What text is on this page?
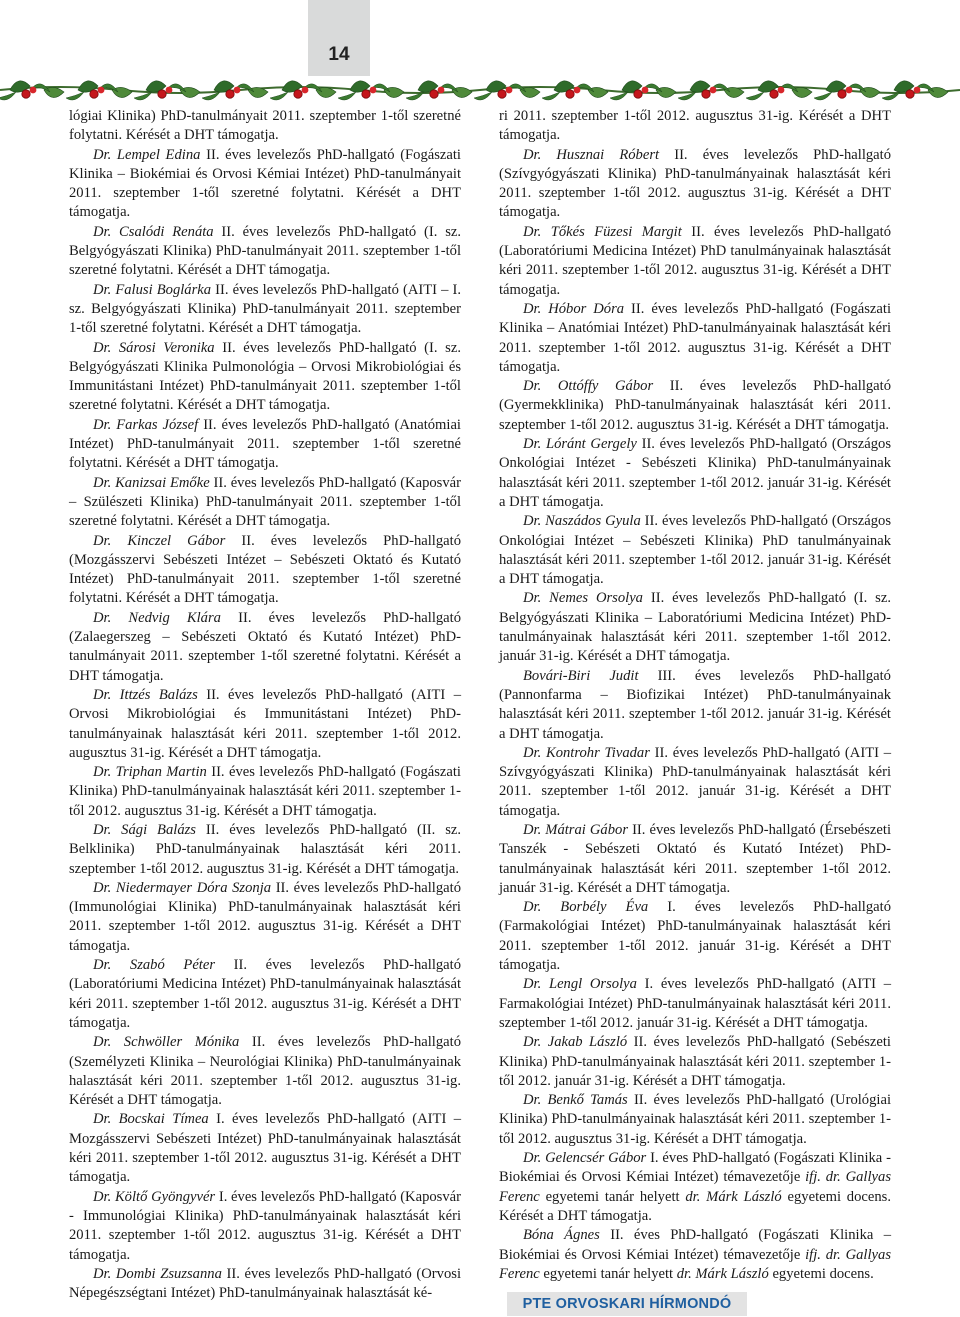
14

lógiai Klinika) PhD-tanulmányait 2011. szeptember 1-től szeretné folytatni. Kérését a DHT támogatja.

Dr. Lempel Edina II. éves levelezős PhD-hallgató (Fogászati Klinika – Biokémiai és Orvosi Kémiai Intézet) PhD-tanulmányait 2011. szeptember 1-től szeretné folytatni. Kérését a DHT támogatja.

Dr. Csalódi Renáta II. éves levelezős PhD-hallgató (I. sz. Belgyógyászati Klinika) PhD-tanulmányait 2011. szeptember 1-től szeretné folytatni. Kérését a DHT támogatja.

Dr. Falusi Boglárka II. éves levelezős PhD-hallgató (AITI – I. sz. Belgyógyászati Klinika) PhD-tanulmányait 2011. szeptember 1-től szeretné folytatni. Kérését a DHT támogatja.

Dr. Sárosi Veronika II. éves levelezős PhD-hallgató (I. sz. Belgyógyászati Klinika Pulmonológia – Orvosi Mikrobiológiai és Immunitástani Intézet) PhD-tanulmányait 2011. szeptember 1-től szeretné folytatni. Kérését a DHT támogatja.

Dr. Farkas József II. éves levelezős PhD-hallgató (Anatómiai Intézet) PhD-tanulmányait 2011. szeptember 1-től szeretné folytatni. Kérését a DHT támogatja.

Dr. Kanizsai Emőke II. éves levelezős PhD-hallgató (Kaposvár – Szülészeti Klinika) PhD-tanulmányait 2011. szeptember 1-től szeretné folytatni. Kérését a DHT támogatja.

Dr. Kinczel Gábor II. éves levelezős PhD-hallgató (Mozgásszervi Sebészeti Intézet – Sebészeti Oktató és Kutató Intézet) PhD-tanulmányait 2011. szeptember 1-től szeretné folytatni. Kérését a DHT támogatja.

Dr. Nedvig Klára II. éves levelezős PhD-hallgató (Zalaegerszeg – Sebészeti Oktató és Kutató Intézet) PhD-tanulmányait 2011. szeptember 1-től szeretné folytatni. Kérését a DHT támogatja.

Dr. Ittzés Balázs II. éves levelezős PhD-hallgató (AITI – Orvosi Mikrobiológiai és Immunitástani Intézet) PhD-tanulmányainak halasztását kéri 2011. szeptember 1-től 2012. augusztus 31-ig. Kérését a DHT támogatja.

Dr. Triphan Martin II. éves levelezős PhD-hallgató (Fogászati Klinika) PhD-tanulmányainak halasztását kéri 2011. szeptember 1-től 2012. augusztus 31-ig. Kérését a DHT támogatja.

Dr. Sági Balázs II. éves levelezős PhD-hallgató (II. sz. Belklinika) PhD-tanulmányainak halasztását kéri 2011. szeptember 1-től 2012. augusztus 31-ig. Kérését a DHT támogatja.

Dr. Niedermayer Dóra Szonja II. éves levelezős PhD-hallgató (Immunológiai Klinika) PhD-tanulmányainak halasztását kéri 2011. szeptember 1-től 2012. augusztus 31-ig. Kérését a DHT támogatja.

Dr. Szabó Péter II. éves levelezős PhD-hallgató (Laboratóriumi Medicina Intézet) PhD-tanulmányainak halasztását kéri 2011. szeptember 1-től 2012. augusztus 31-ig. Kérését a DHT támogatja.

Dr. Schwöller Mónika II. éves levelezős PhD-hallgató (Személyzeti Klinika – Neurológiai Klinika) PhD-tanulmányainak halasztását kéri 2011. szeptember 1-től 2012. augusztus 31-ig. Kérését a DHT támogatja.

Dr. Bocskai Tímea I. éves levelezős PhD-hallgató (AITI – Mozgásszervi Sebészeti Intézet) PhD-tanulmányainak halasztását kéri 2011. szeptember 1-től 2012. augusztus 31-ig. Kérését a DHT támogatja.

Dr. Költő Gyöngyvér I. éves levelezős PhD-hallgató (Kaposvár - Immunológiai Klinika) PhD-tanulmányainak halasztását kéri 2011. szeptember 1-től 2012. augusztus 31-ig. Kérését a DHT támogatja.

Dr. Dombi Zsuzsanna II. éves levelezős PhD-hallgató (Orvosi Népegészségtani Intézet) PhD-tanulmányainak halasztását ké-

ri 2011. szeptember 1-től 2012. augusztus 31-ig. Kérését a DHT támogatja.

Dr. Husznai Róbert II. éves levelezős PhD-hallgató (Szívgyógyászati Klinika) PhD-tanulmányainak halasztását kéri 2011. szeptember 1-től 2012. augusztus 31-ig. Kérését a DHT támogatja.

Dr. Tőkés Füzesi Margit II. éves levelezős PhD-hallgató (Laboratóriumi Medicina Intézet) PhD tanulmányainak halasztását kéri 2011. szeptember 1-től 2012. augusztus 31-ig. Kérését a DHT támogatja.

Dr. Hóbor Dóra II. éves levelezős PhD-hallgató (Fogászati Klinika – Anatómiai Intézet) PhD-tanulmányainak halasztását kéri 2011. szeptember 1-től 2012. augusztus 31-ig. Kérését a DHT támogatja.

Dr. Ottóffy Gábor II. éves levelezős PhD-hallgató (Gyermekklinika) PhD-tanulmányainak halasztását kéri 2011. szeptember 1-től 2012. augusztus 31-ig. Kérését a DHT támogatja.

Dr. Lóránt Gergely II. éves levelezős PhD-hallgató (Országos Onkológiai Intézet - Sebészeti Klinika) PhD-tanulmányainak halasztását kéri 2011. szeptember 1-től 2012. január 31-ig. Kérését a DHT támogatja.

Dr. Naszádos Gyula II. éves levelezős PhD-hallgató (Országos Onkológiai Intézet – Sebészeti Klinika) PhD tanulmányainak halasztását kéri 2011. szeptember 1-től 2012. január 31-ig. Kérését a DHT támogatja.

Dr. Nemes Orsolya II. éves levelezős PhD-hallgató (I. sz. Belgyógyászati Klinika – Laboratóriumi Medicina Intézet) PhD-tanulmányainak halasztását kéri 2011. szeptember 1-től 2012. január 31-ig. Kérését a DHT támogatja.

Bovári-Biri Judit III. éves levelezős PhD-hallgató (Pannonfarma – Biofizikai Intézet) PhD-tanulmányainak halasztását kéri 2011. szeptember 1-től 2012. január 31-ig. Kérését a DHT támogatja.

Dr. Kontrohr Tivadar II. éves levelezős PhD-hallgató (AITI – Szívgyógyászati Klinika) PhD-tanulmányainak halasztását kéri 2011. szeptember 1-től 2012. január 31-ig. Kérését a DHT támogatja.

Dr. Mátrai Gábor II. éves levelezős PhD-hallgató (Érsebészeti Tanszék - Sebészeti Oktató és Kutató Intézet) PhD-tanulmányainak halasztását kéri 2011. szeptember 1-től 2012. január 31-ig. Kérését a DHT támogatja.

Dr. Borbély Éva I. éves levelezős PhD-hallgató (Farmakológiai Intézet) PhD-tanulmányainak halasztását kéri 2011. szeptember 1-től 2012. január 31-ig. Kérését a DHT támogatja.

Dr. Lengl Orsolya I. éves levelezős PhD-hallgató (AITI – Farmakológiai Intézet) PhD-tanulmányainak halasztását kéri 2011. szeptember 1-től 2012. január 31-ig. Kérését a DHT támogatja.

Dr. Jakab László II. éves levelezős PhD-hallgató (Sebészeti Klinika) PhD-tanulmányainak halasztását kéri 2011. szeptember 1-től 2012. január 31-ig. Kérését a DHT támogatja.

Dr. Benkő Tamás II. éves levelezős PhD-hallgató (Urológiai Klinika) PhD-tanulmányainak halasztását kéri 2011. szeptember 1-től 2012. augusztus 31-ig. Kérését a DHT támogatja.

Dr. Gelencsér Gábor I. éves PhD-hallgató (Fogászati Klinika - Biokémiai és Orvosi Kémiai Intézet) témavezetője ifj. dr. Gallyas Ferenc egyetemi tanár helyett dr. Márk László egyetemi docens. Kérését a DHT támogatja.

Bóna Ágnes II. éves PhD-hallgató (Fogászati Klinika – Biokémiai és Orvosi Kémiai Intézet) témavezetője ifj. dr. Gallyas Ferenc egyetemi tanár helyett dr. Márk László egyetemi docens.

PTE ORVOSKARI HÍRMONDÓ
